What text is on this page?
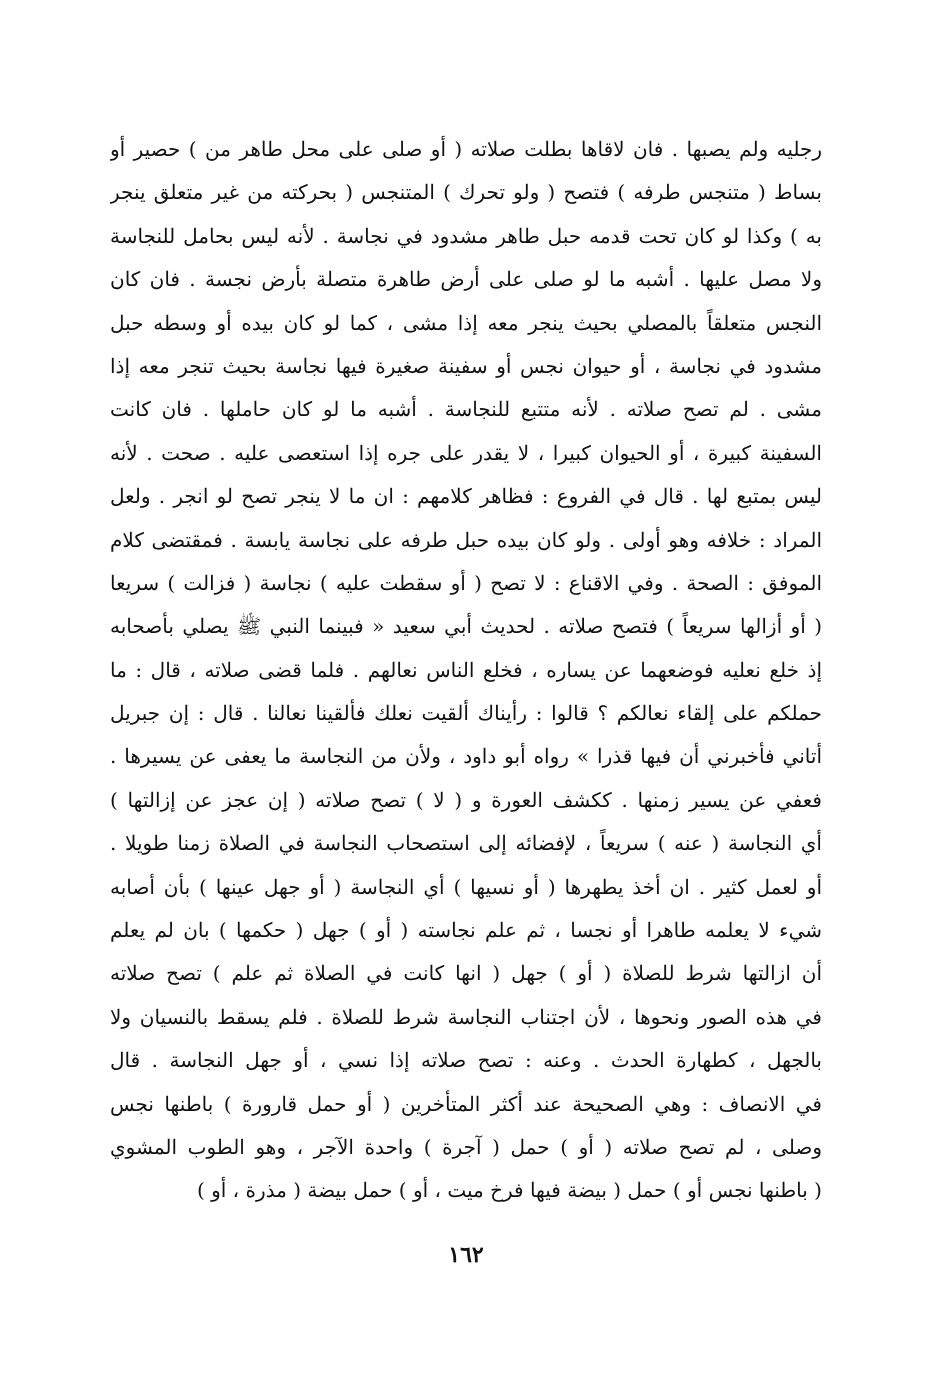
رجليه ولم يصبها . فان لاقاها بطلت صلاته ( أو صلى على محل طاهر من ) حصير أو
بساط ( متنجس طرفه ) فتصح ( ولو تحرك ) المتنجس ( بحركته من غير متعلق ينجر
به ) وكذا لو كان تحت قدمه حبل طاهر مشدود في نجاسة . لأنه ليس بحامل للنجاسة
ولا مصل عليها . أشبه ما لو صلى على أرض طاهرة متصلة بأرض نجسة . فان كان
النجس متعلقاً بالمصلي بحيث ينجر معه إذا مشى ، كما لو كان بيده أو وسطه حبل
مشدود في نجاسة ، أو حيوان نجس أو سفينة صغيرة فيها نجاسة بحيث تنجر معه إذا
مشى . لم تصح صلاته . لأنه متتبع للنجاسة . أشبه ما لو كان حاملها . فان كانت
السفينة كبيرة ، أو الحيوان كبيرا ، لا يقدر على جره إذا استعصى عليه . صحت . لأنه
ليس بمتبع لها . قال في الفروع : فظاهر كلامهم : ان ما لا ينجر تصح لو انجر . ولعل
المراد : خلافه وهو أولى . ولو كان بيده حبل طرفه على نجاسة يابسة . فمقتضى كلام
الموفق : الصحة . وفي الاقناع : لا تصح ( أو سقطت عليه ) نجاسة ( فزالت ) سريعا
( أو أزالها سريعاً ) فتصح صلاته . لحديث أبي سعيد « فبينما النبي ﷺ يصلي بأصحابه
إذ خلع نعليه فوضعهما عن يساره ، فخلع الناس نعالهم . فلما قضى صلاته ، قال : ما
حملكم على إلقاء نعالكم ؟ قالوا : رأيناك ألقيت نعلك فألقينا نعالنا . قال : إن جبريل
أتاني فأخبرني أن فيها قذرا » رواه أبو داود ، ولأن من النجاسة ما يعفى عن يسيرها .
فعفي عن يسير زمنها . ككشف العورة و ( لا ) تصح صلاته ( إن عجز عن إزالتها )
أي النجاسة ( عنه ) سريعاً ، لإفضائه إلى استصحاب النجاسة في الصلاة زمنا طويلا .
أو لعمل كثير . ان أخذ يطهرها ( أو نسيها ) أي النجاسة ( أو جهل عينها ) بأن أصابه
شيء لا يعلمه طاهرا أو نجسا ، ثم علم نجاسته ( أو ) جهل ( حكمها ) بان لم يعلم
أن ازالتها شرط للصلاة ( أو ) جهل ( انها كانت في الصلاة ثم علم ) تصح صلاته
في هذه الصور ونحوها ، لأن اجتناب النجاسة شرط للصلاة . فلم يسقط بالنسيان ولا
بالجهل ، كطهارة الحدث . وعنه : تصح صلاته إذا نسي ، أو جهل النجاسة . قال
في الانصاف : وهي الصحيحة عند أكثر المتأخرين ( أو حمل قارورة ) باطنها نجس
وصلى ، لم تصح صلاته ( أو ) حمل ( آجرة ) واحدة الآجر ، وهو الطوب المشوي
( باطنها نجس أو ) حمل ( بيضة فيها فرخ ميت ، أو ) حمل بيضة ( مذرة ، أو )
١٦٢
